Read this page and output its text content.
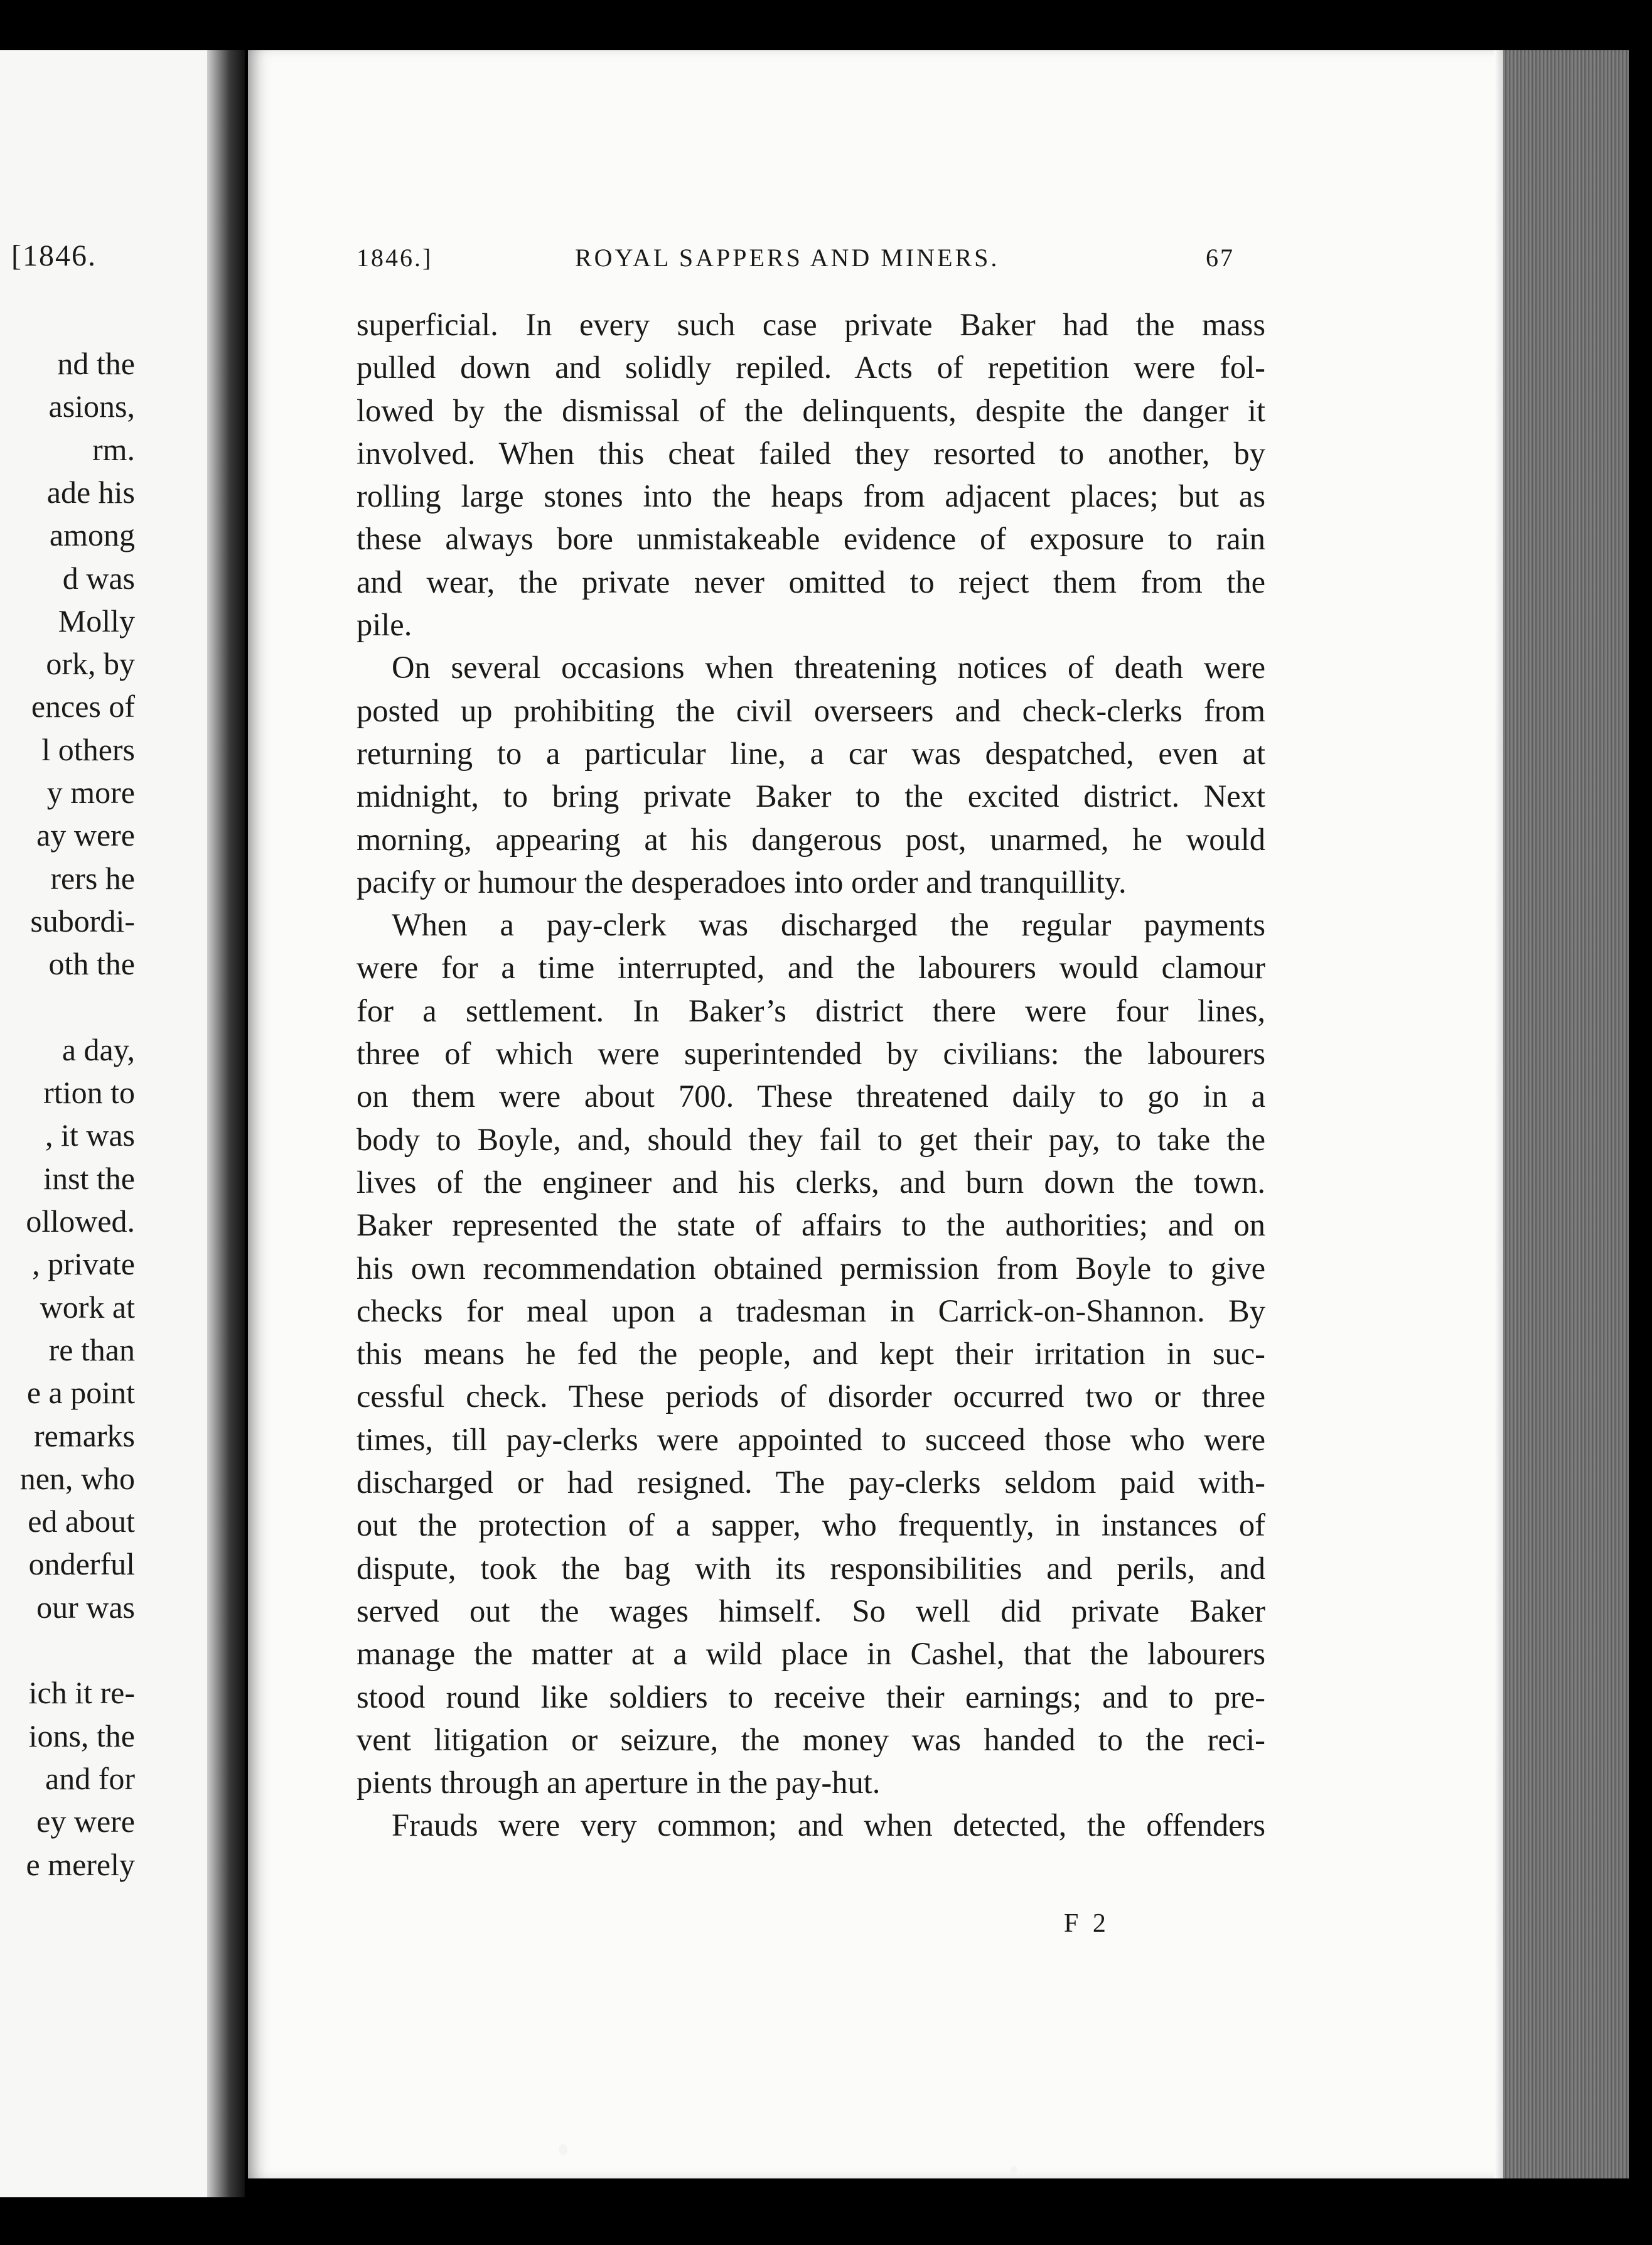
[1846.
nd the
asions,
rm.
ade his
among
d was
Molly
ork, by
ences of
l others
y more
ay were
rers he
subordi-
oth the
a day,
rtion to
, it was
inst the
ollowed.
, private
work at
re than
e a point
remarks
nen, who
ed about
onderful
our was
ich it re-
ions, the
and for
ey were
e merely
1846.]	ROYAL SAPPERS AND MINERS.	67
superficial. In every such case private Baker had the mass
pulled down and solidly repiled. Acts of repetition were fol-
lowed by the dismissal of the delinquents, despite the danger it
involved. When this cheat failed they resorted to another, by
rolling large stones into the heaps from adjacent places; but as
these always bore unmistakeable evidence of exposure to rain
and wear, the private never omitted to reject them from the
pile.
On several occasions when threatening notices of death were
posted up prohibiting the civil overseers and check-clerks from
returning to a particular line, a car was despatched, even at
midnight, to bring private Baker to the excited district. Next
morning, appearing at his dangerous post, unarmed, he would
pacify or humour the desperadoes into order and tranquillity.
When a pay-clerk was discharged the regular payments
were for a time interrupted, and the labourers would clamour
for a settlement. In Baker’s district there were four lines,
three of which were superintended by civilians: the labourers
on them were about 700. These threatened daily to go in a
body to Boyle, and, should they fail to get their pay, to take the
lives of the engineer and his clerks, and burn down the town.
Baker represented the state of affairs to the authorities; and on
his own recommendation obtained permission from Boyle to give
checks for meal upon a tradesman in Carrick-on-Shannon. By
this means he fed the people, and kept their irritation in suc-
cessful check. These periods of disorder occurred two or three
times, till pay-clerks were appointed to succeed those who were
discharged or had resigned. The pay-clerks seldom paid with-
out the protection of a sapper, who frequently, in instances of
dispute, took the bag with its responsibilities and perils, and
served out the wages himself. So well did private Baker
manage the matter at a wild place in Cashel, that the labourers
stood round like soldiers to receive their earnings; and to pre-
vent litigation or seizure, the money was handed to the reci-
pients through an aperture in the pay-hut.
Frauds were very common; and when detected, the offenders
F 2
